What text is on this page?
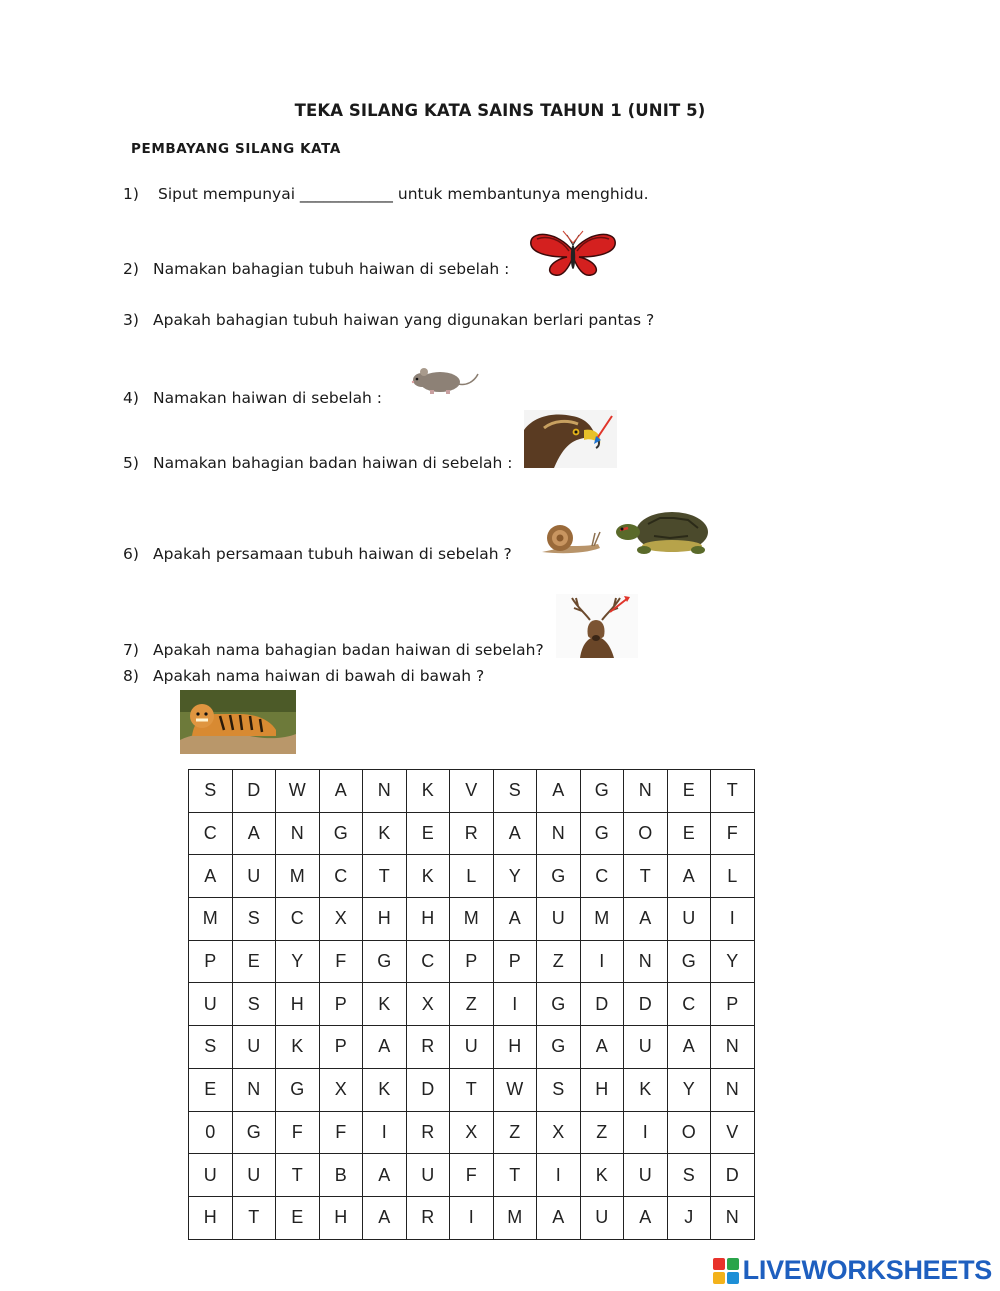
TEKA SILANG KATA SAINS TAHUN 1 (UNIT 5)
PEMBAYANG SILANG KATA
1) Siput mempunyai ____________ untuk membantunya menghidu.
2) Namakan bahagian tubuh haiwan di sebelah :
3) Apakah bahagian tubuh haiwan yang digunakan berlari pantas ?
4) Namakan haiwan di sebelah :
5) Namakan bahagian badan haiwan di sebelah :
6) Apakah persamaan tubuh haiwan di sebelah ?
7) Apakah nama bahagian badan haiwan di sebelah?
8) Apakah nama haiwan di bawah di bawah ?
S	D	W	A	N	K	V	S	A	G	N	E	T
C	A	N	G	K	E	R	A	N	G	O	E	F
A	U	M	C	T	K	L	Y	G	C	T	A	L
M	S	C	X	H	H	M	A	U	M	A	U	I
P	E	Y	F	G	C	P	P	Z	I	N	G	Y
U	S	H	P	K	X	Z	I	G	D	D	C	P
S	U	K	P	A	R	U	H	G	A	U	A	N
E	N	G	X	K	D	T	W	S	H	K	Y	N
0	G	F	F	I	R	X	Z	X	Z	I	O	V
U	U	T	B	A	U	F	T	I	K	U	S	D
H	T	E	H	A	R	I	M	A	U	A	J	N
LIVEWORKSHEETS
